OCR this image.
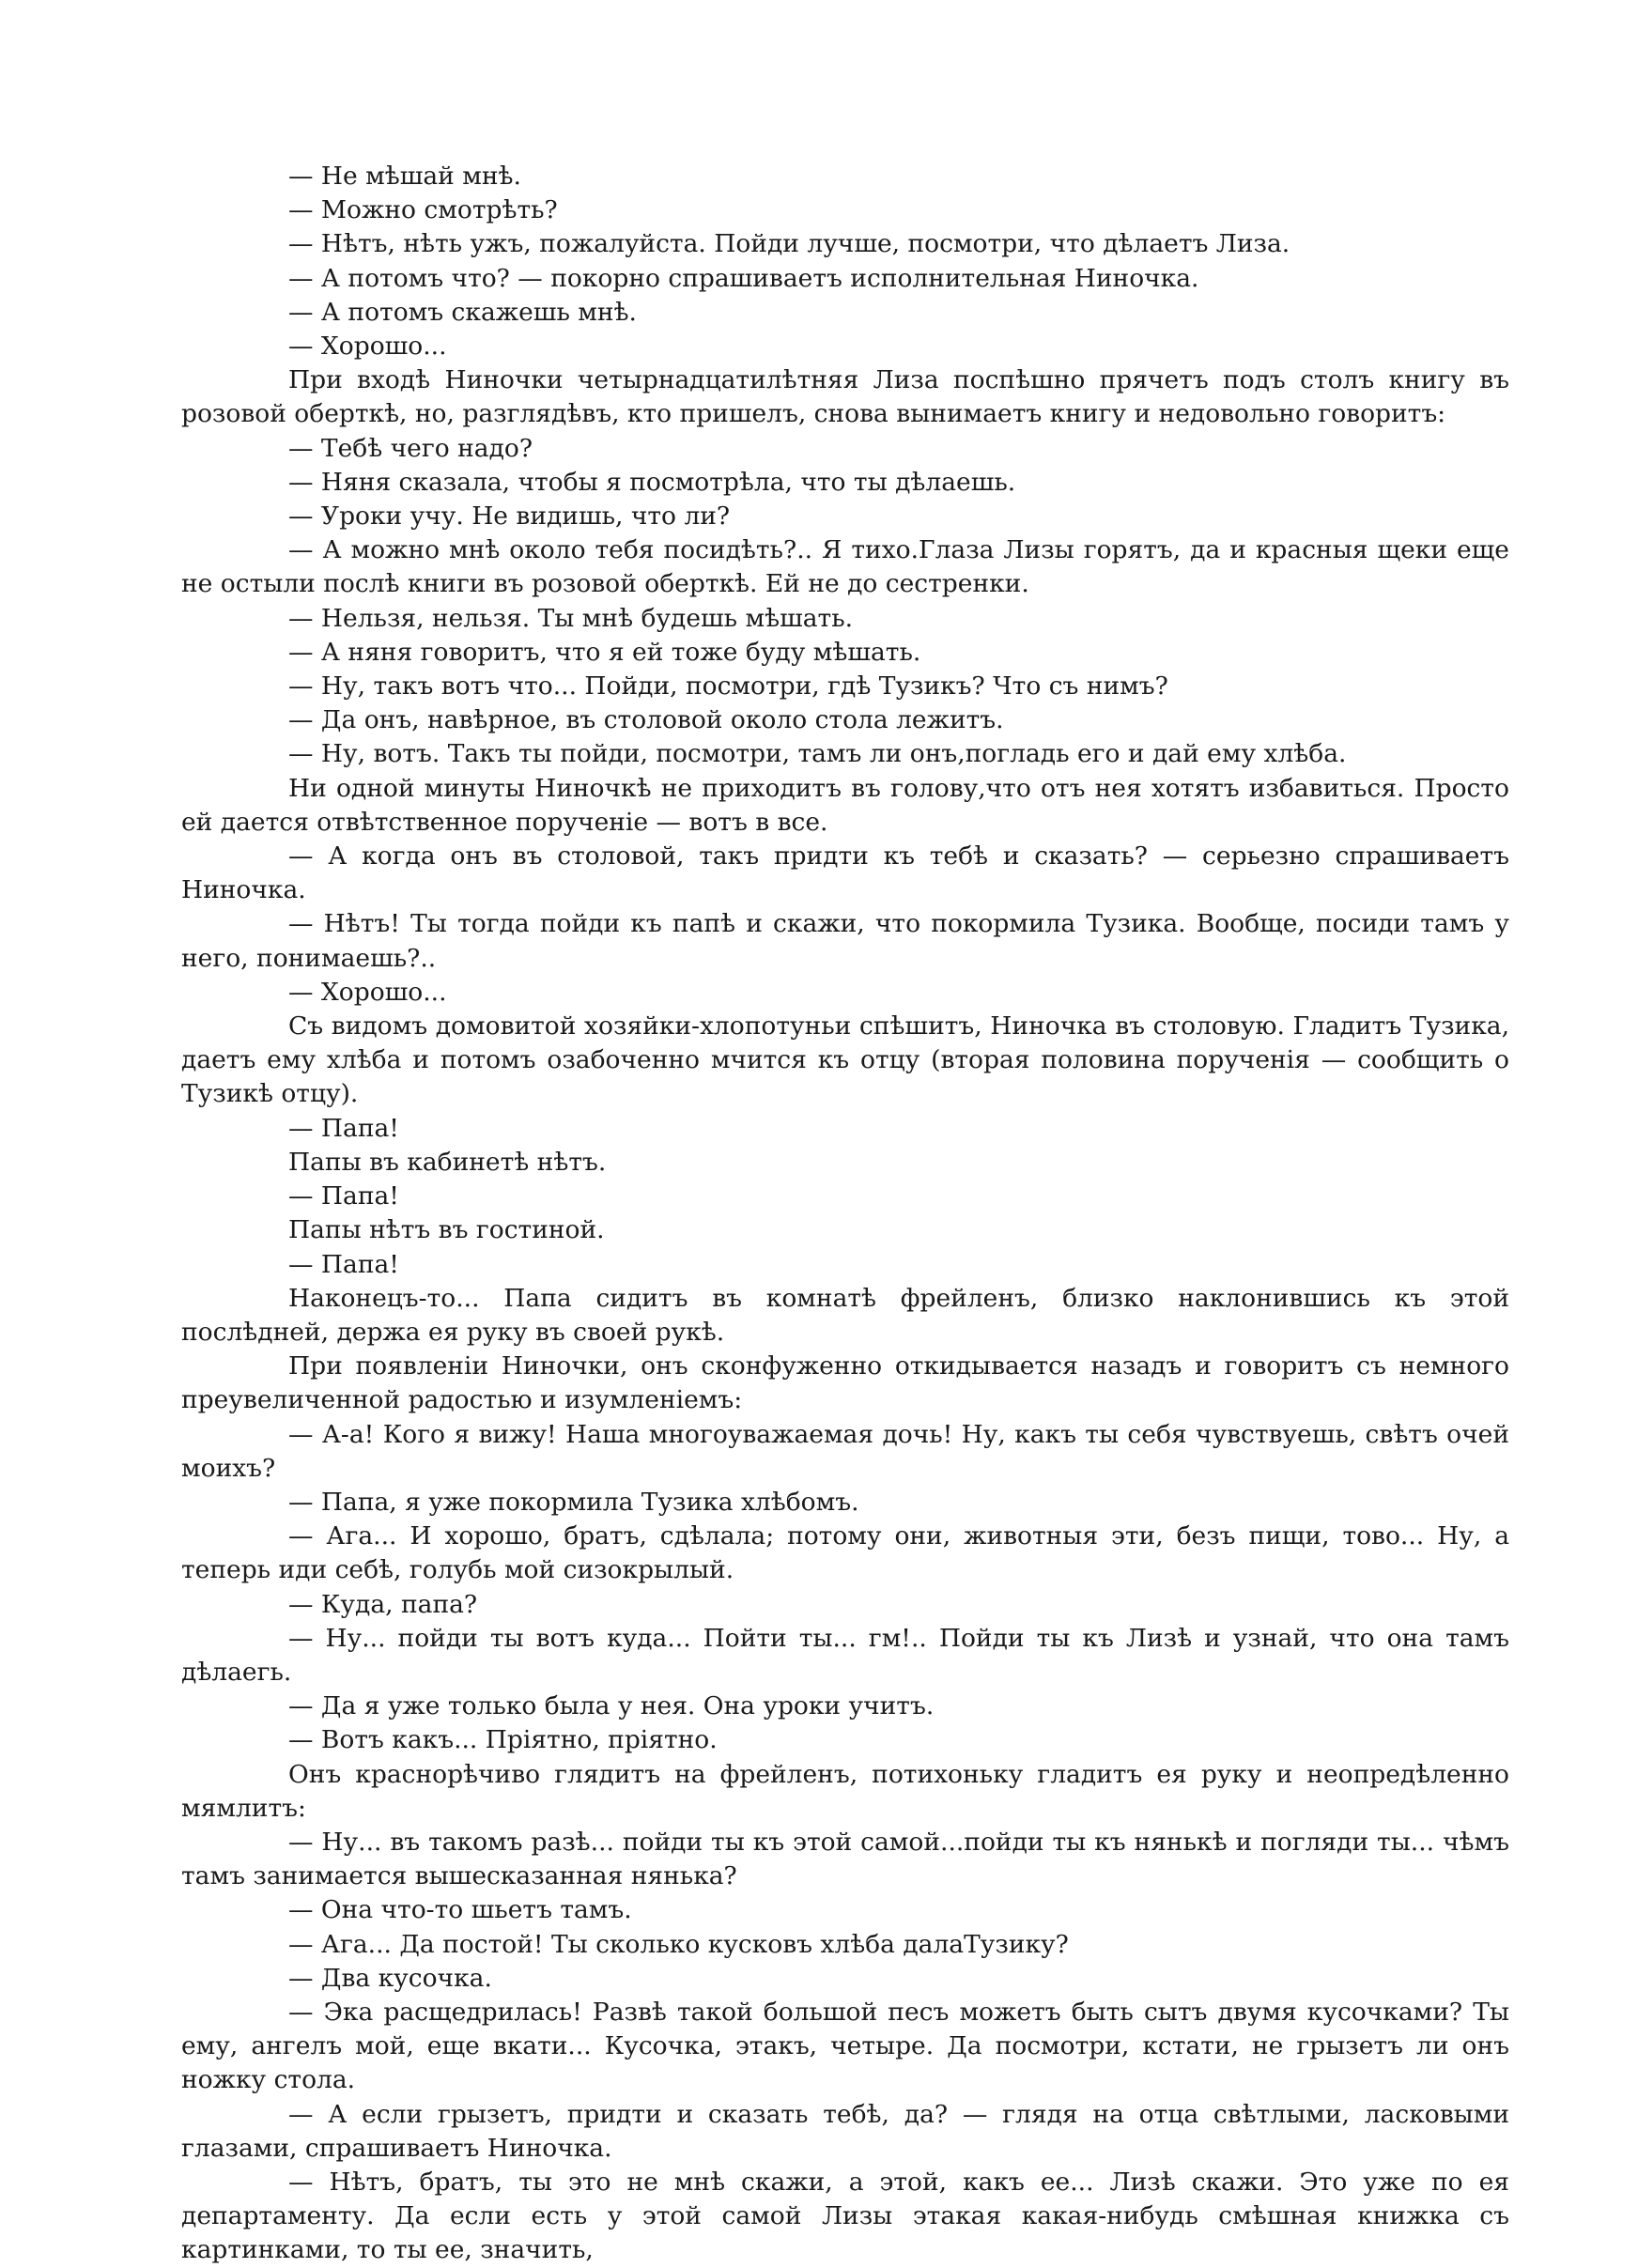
— Не мѣшай мнѣ.

— Можно смотрѣть?

— Нѣтъ, нѣть ужъ, пожалуйста. Пойди лучше, посмотри, что дѣлаетъ Лиза.

— А потомъ что? — покорно спрашиваетъ исполнительная Ниночка.

— А потомъ скажешь мнѣ.

— Хорошо...

При входѣ Ниночки четырнадцатилѣтняя Лиза поспѣшно прячетъ подъ столъ книгу въ розовой оберткѣ, но, разглядѣвъ, кто пришелъ, снова вынимаетъ книгу и недовольно говоритъ:

— Тебѣ чего надо?

— Няня сказала, чтобы я посмотрѣла, что ты дѣлаешь.

— Уроки учу. Не видишь, что ли?

— А можно мнѣ около тебя посидѣть?.. Я тихо.Глаза Лизы горятъ, да и красныя щеки еще не остыли послѣ книги въ розовой оберткѣ. Ей не до сестренки.

— Нельзя, нельзя. Ты мнѣ будешь мѣшать.

— А няня говоритъ, что я ей тоже буду мѣшать.

— Ну, такъ вотъ что... Пойди, посмотри, гдѣ Тузикъ? Что съ нимъ?

— Да онъ, навѣрное, въ столовой около стола лежитъ.

— Ну, вотъ. Такъ ты пойди, посмотри, тамъ ли онъ,погладь его и дай ему хлѣба.

Ни одной минуты Ниночкѣ не приходитъ въ голову,что отъ нея хотятъ избавиться. Просто ей дается отвѣтственное порученіе — вотъ в все.

— А когда онъ въ столовой, такъ придти къ тебѣ и сказать? — серьезно спрашиваетъ Ниночка.

— Нѣтъ! Ты тогда пойди къ папѣ и скажи, что покормила Тузика. Вообще, посиди тамъ у него, понимаешь?..

— Хорошо...

Съ видомъ домовитой хозяйки-хлопотуньи спѣшитъ, Ниночка въ столовую. Гладитъ Тузика, даетъ ему хлѣба и потомъ озабоченно мчится къ отцу (вторая половина порученія — сообщить о Тузикѣ отцу).

— Папа!

Папы въ кабинетѣ нѣтъ.

— Папа!

Папы нѣтъ въ гостиной.

— Папа!

Наконецъ-то... Папа сидитъ въ комнатѣ фрейленъ, близко наклонившись къ этой послѣдней, держа ея руку въ своей рукѣ.

При появленіи Ниночки, онъ сконфуженно откидывается назадъ и говоритъ съ немного преувеличенной радостью и изумленіемъ:

— А-а! Кого я вижу! Наша многоуважаемая дочь! Ну, какъ ты себя чувствуешь, свѣтъ очей моихъ?

— Папа, я уже покормила Тузика хлѣбомъ.

— Ага... И хорошо, братъ, сдѣлала; потому они, животныя эти, безъ пищи, тово... Ну, а теперь иди себѣ, голубь мой сизокрылый.

— Куда, папа?

— Ну... пойди ты вотъ куда... Пойти ты... гм!.. Пойди ты къ Лизѣ и узнай, что она тамъ дѣлаегь.

— Да я уже только была у нея. Она уроки учитъ.

— Вотъ какъ... Пріятно, пріятно.

Онъ краснорѣчиво глядитъ на фрейленъ, потихоньку гладитъ ея руку и неопредѣленно мямлитъ:

— Ну... въ такомъ разѣ... пойди ты къ этой самой...пойди ты къ нянькѣ и погляди ты... чѣмъ тамъ занимается вышесказанная нянька?

— Она что-то шьетъ тамъ.

— Ага... Да постой! Ты сколько кусковъ хлѣба далаТузику?

— Два кусочка.

— Эка расщедрилась! Развѣ такой большой песъ можетъ быть сытъ двумя кусочками? Ты ему, ангелъ мой, еще вкати... Кусочка, этакъ, четыре. Да посмотри, кстати, не грызетъ ли онъ ножку стола.

— А если грызетъ, придти и сказать тебѣ, да? — глядя на отца свѣтлыми, ласковыми глазами, спрашиваетъ Ниночка.

— Нѣтъ, братъ, ты это не мнѣ скажи, а этой, какъ ее... Лизѣ скажи. Это уже по ея департаменту. Да если есть у этой самой Лизы этакая какая-нибудь смѣшная книжка съ картинками, то ты ее, значить,
